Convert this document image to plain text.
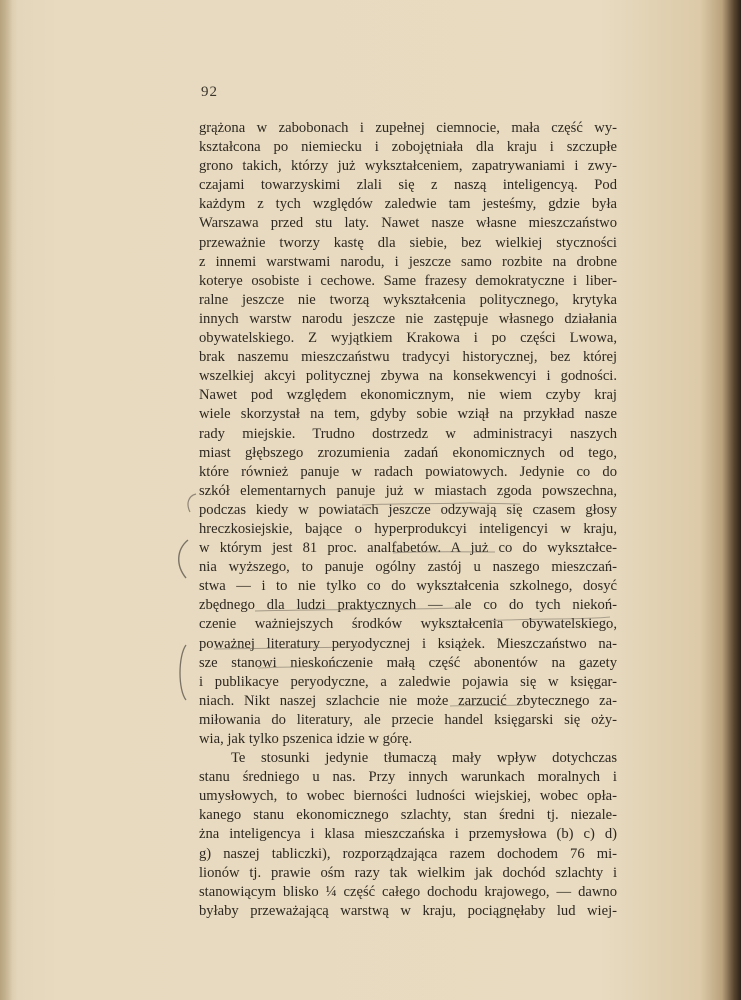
92
grążona w zabobonach i zupełnej ciemnocie, mała część wy-
kształcona po niemiecku i zobojętniała dla kraju i szczupłe
grono takich, którzy już wykształceniem, zapatrywaniami i zwy-
czajami towarzyskimi zlali się z naszą inteligencyą. Pod
każdym z tych względów zaledwie tam jesteśmy, gdzie była
Warszawa przed stu laty. Nawet nasze własne mieszczaństwo
przeważnie tworzy kastę dla siebie, bez wielkiej styczności
z innemi warstwami narodu, i jeszcze samo rozbite na drobne
koterye osobiste i cechowe. Same frazesy demokratyczne i liber-
ralne jeszcze nie tworzą wykształcenia politycznego, krytyka
innych warstw narodu jeszcze nie zastępuje własnego działania
obywatelskiego. Z wyjątkiem Krakowa i po części Lwowa,
brak naszemu mieszczaństwu tradycyi historycznej, bez której
wszelkiej akcyi politycznej zbywa na konsekwencyi i godności.
Nawet pod względem ekonomicznym, nie wiem czyby kraj
wiele skorzystał na tem, gdyby sobie wziął na przykład nasze
rady miejskie. Trudno dostrzedz w administracyi naszych
miast głębszego zrozumienia zadań ekonomicznych od tego,
które również panuje w radach powiatowych. Jedynie co do
szkół elementarnych panuje już w miastach zgoda powszechna,
podczas kiedy w powiatach jeszcze odzywają się czasem głosy
hreczkosiejskie, bające o hyperprodukcyi inteligencyi w kraju,
w którym jest 81 proc. analfabetów. A już co do wykształce-
nia wyższego, to panuje ogólny zastój u naszego mieszczań-
stwa — i to nie tylko co do wykształcenia szkolnego, dosyć
zbędnego dla ludzi praktycznych — ale co do tych niekoń-
czenie ważniejszych środków wykształcenia obywatelskiego,
poważnej literatury peryodycznej i książek. Mieszczaństwo na-
sze stanowi nieskończenie małą część abonentów na gazety
i publikacye peryodyczne, a zaledwie pojawia się w księgar-
niach. Nikt naszej szlachcie nie może zarzucić zbytecznego za-
miłowania do literatury, ale przecie handel księgarski się oży-
wia, jak tylko pszenica idzie w górę.
Te stosunki jedynie tłumaczą mały wpływ dotychczas
stanu średniego u nas. Przy innych warunkach moralnych i
umysłowych, to wobec bierności ludności wiejskiej, wobec opła-
kanego stanu ekonomicznego szlachty, stan średni tj. niezale-
żna inteligencya i klasa mieszczańska i przemysłowa (b) c) d)
g) naszej tabliczki), rozporządzająca razem dochodem 76 mi-
lionów tj. prawie ośm razy tak wielkim jak dochód szlachty i
stanowiącym blisko ¼ część całego dochodu krajowego, — dawno
byłaby przeważającą warstwą w kraju, pociągnęłaby lud wiej-
